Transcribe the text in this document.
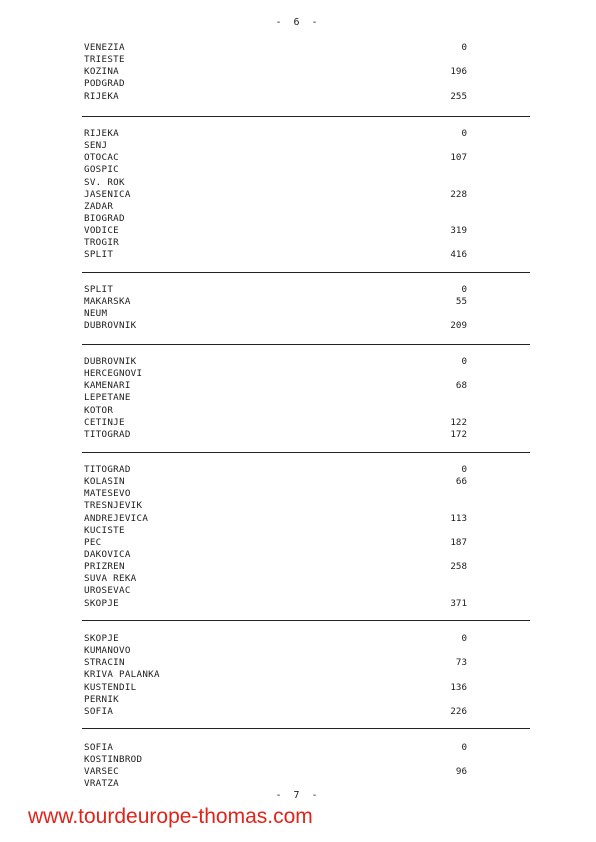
- 6 -
VENEZIA	0
TRIESTE
KOZINA	196
PODGRAD
RIJEKA	255
RIJEKA	0
SENJ
OTOCAC	107
GOSPIC
SV. ROK
JASENICA	228
ZADAR
BIOGRAD
VODICE	319
TROGIR
SPLIT	416
SPLIT	0
MAKARSKA	55
NEUM
DUBROVNIK	209
DUBROVNIK	0
HERCEGNOVI
KAMENARI	68
LEPETANE
KOTOR
CETINJE	122
TITOGRAD	172
TITOGRAD	0
KOLASIN	66
MATESEVO
TRESNJEVIK
ANDREJEVICA	113
KUCISTE
PEC	187
DAKOVICA
PRIZREN	258
SUVA REKA
UROSEVAC
SKOPJE	371
SKOPJE	0
KUMANOVO
STRACIN	73
KRIVA PALANKA
KUSTENDIL	136
PERNIK
SOFIA	226
SOFIA	0
KOSTINBROD
VARSEC	96
VRATZA
- 7 -
www.tourdeurope-thomas.com
